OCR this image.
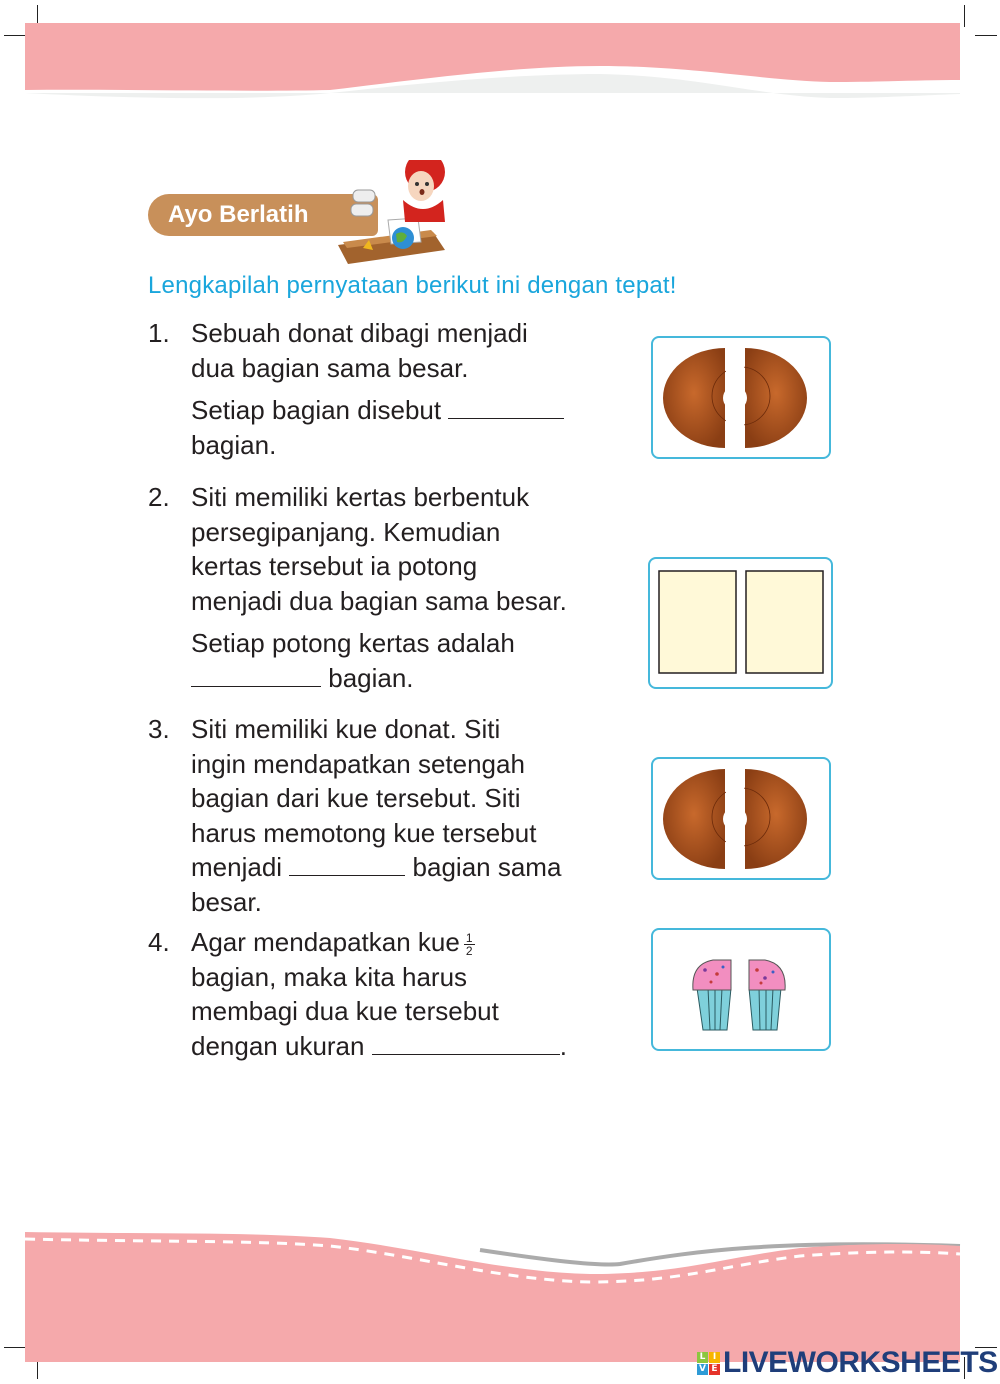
Ayo Berlatih
Lengkapilah pernyataan berikut ini dengan tepat!
1. Sebuah donat dibagi menjadi

dua bagian sama besar.

Setiap bagian disebut

bagian.

2. Siti memiliki kertas berbentuk

persegipanjang. Kemudian

kertas tersebut ia potong

menjadi dua bagian sama besar.

Setiap potong kertas adalah

bagian.

3. Siti memiliki kue donat. Siti

ingin mendapatkan setengah

bagian dari kue tersebut. Siti

harus memotong kue tersebut

menjadi	bagian sama

besar.

4. Agar mendapatkan kue $\frac{1}{2}$

bagian, maka kita harus

membagi dua kue tersebut

dengan ukuran	.

L I
V E LIVEWORKSHEETS
